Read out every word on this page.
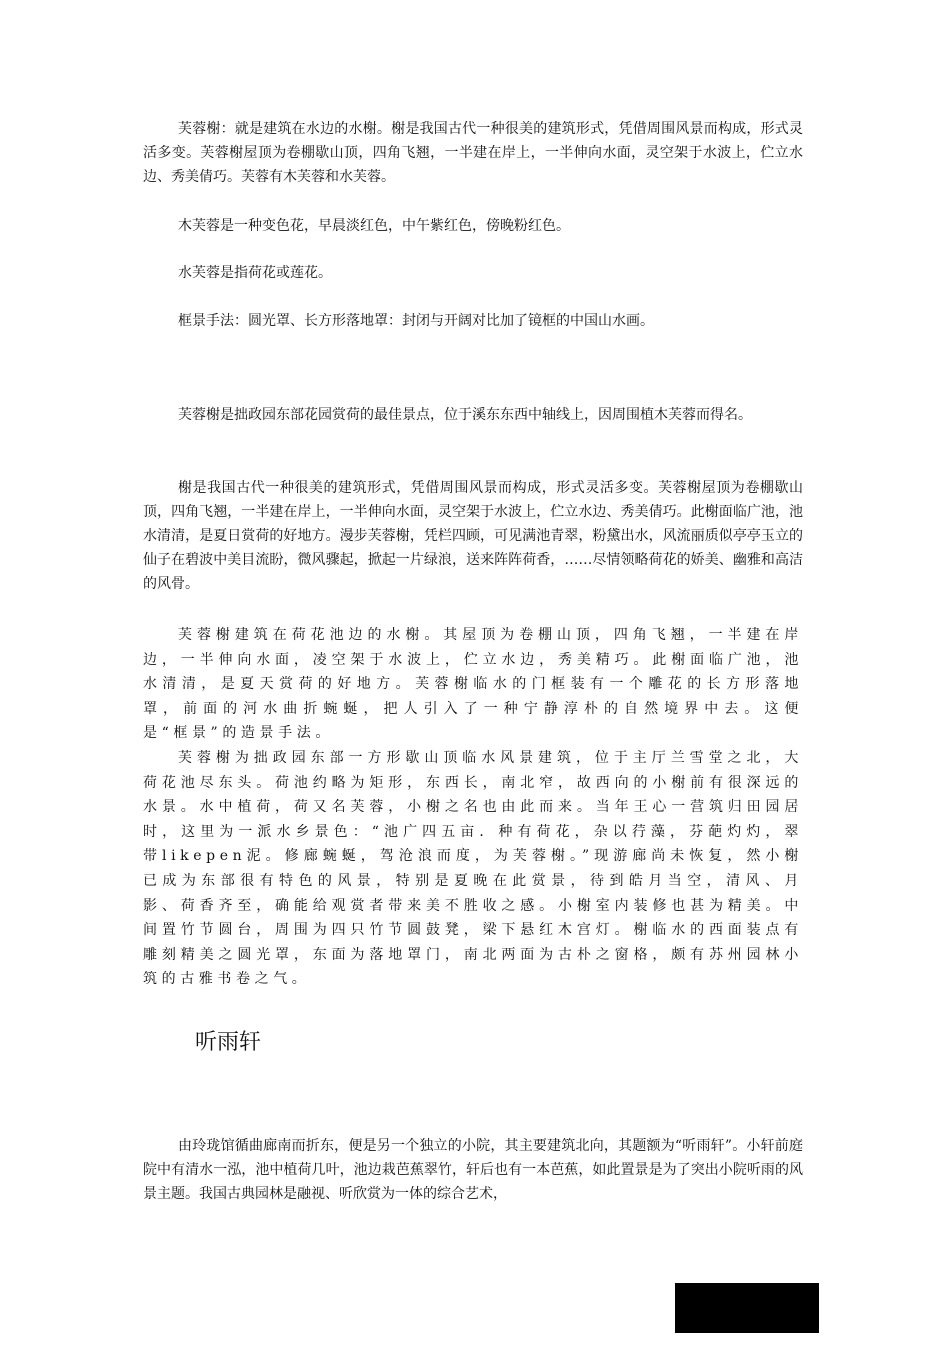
芙蓉榭：就是建筑在水边的水榭。榭是我国古代一种很美的建筑形式，凭借周围风景而构成，形式灵活多变。芙蓉榭屋顶为卷棚歇山顶，四角飞翘，一半建在岸上，一半伸向水面，灵空架于水波上，伫立水边、秀美倩巧。芙蓉有木芙蓉和水芙蓉。

木芙蓉是一种变色花，早晨淡红色，中午紫红色，傍晚粉红色。

水芙蓉是指荷花或莲花。

框景手法：圆光罩、长方形落地罩：封闭与开阔对比加了镜框的中国山水画。

芙蓉榭是拙政园东部花园赏荷的最佳景点，位于溪东东西中轴线上，因周围植木芙蓉而得名。

榭是我国古代一种很美的建筑形式，凭借周围风景而构成，形式灵活多变。芙蓉榭屋顶为卷棚歇山顶，四角飞翘，一半建在岸上，一半伸向水面，灵空架于水波上，伫立水边、秀美倩巧。此榭面临广池，池水清清，是夏日赏荷的好地方。漫步芙蓉榭，凭栏四顾，可见满池青翠，粉黛出水，风流丽质似亭亭玉立的仙子在碧波中美目流盼，微风骤起，掀起一片绿浪，送来阵阵荷香，……尽情领略荷花的娇美、幽雅和高洁的风骨。

芙蓉榭建筑在荷花池边的水榭。其屋顶为卷棚山顶，四角飞翘，一半建在岸边，一半伸向水面，凌空架于水波上，伫立水边，秀美精巧。此榭面临广池，池水清清，是夏天赏荷的好地方。芙蓉榭临水的门框装有一个雕花的长方形落地罩，前面的河水曲折蜿蜒，把人引入了一种宁静淳朴的自然境界中去。这便是“框景”的造景手法。

芙蓉榭为拙政园东部一方形歇山顶临水风景建筑，位于主厅兰雪堂之北，大荷花池尽东头。荷池约略为矩形，东西长，南北窄，故西向的小榭前有很深远的水景。水中植荷，荷又名芙蓉，小榭之名也由此而来。当年王心一营筑归田园居时，这里为一派水乡景色：“池广四五亩．种有荷花，杂以荇藻，芬葩灼灼，翠带likepen泥。修廊蜿蜒，驾沧浪而度，为芙蓉榭。”现游廊尚未恢复，然小榭已成为东部很有特色的风景，特别是夏晚在此赏景，待到皓月当空，清风、月影、荷香齐至，确能给观赏者带来美不胜收之感。小榭室内装修也甚为精美。中间置竹节圆台，周围为四只竹节圆鼓凳，梁下悬红木宫灯。榭临水的西面装点有雕刻精美之圆光罩，东面为落地罩门，南北两面为古朴之窗格，颇有苏州园林小筑的古雅书卷之气。

听雨轩

由玲珑馆循曲廊南而折东，便是另一个独立的小院，其主要建筑北向，其题额为“听雨轩”。小轩前庭院中有清水一泓，池中植荷几叶，池边栽芭蕉翠竹，轩后也有一本芭蕉，如此置景是为了突出小院听雨的风景主题。我国古典园林是融视、听欣赏为一体的综合艺术，
